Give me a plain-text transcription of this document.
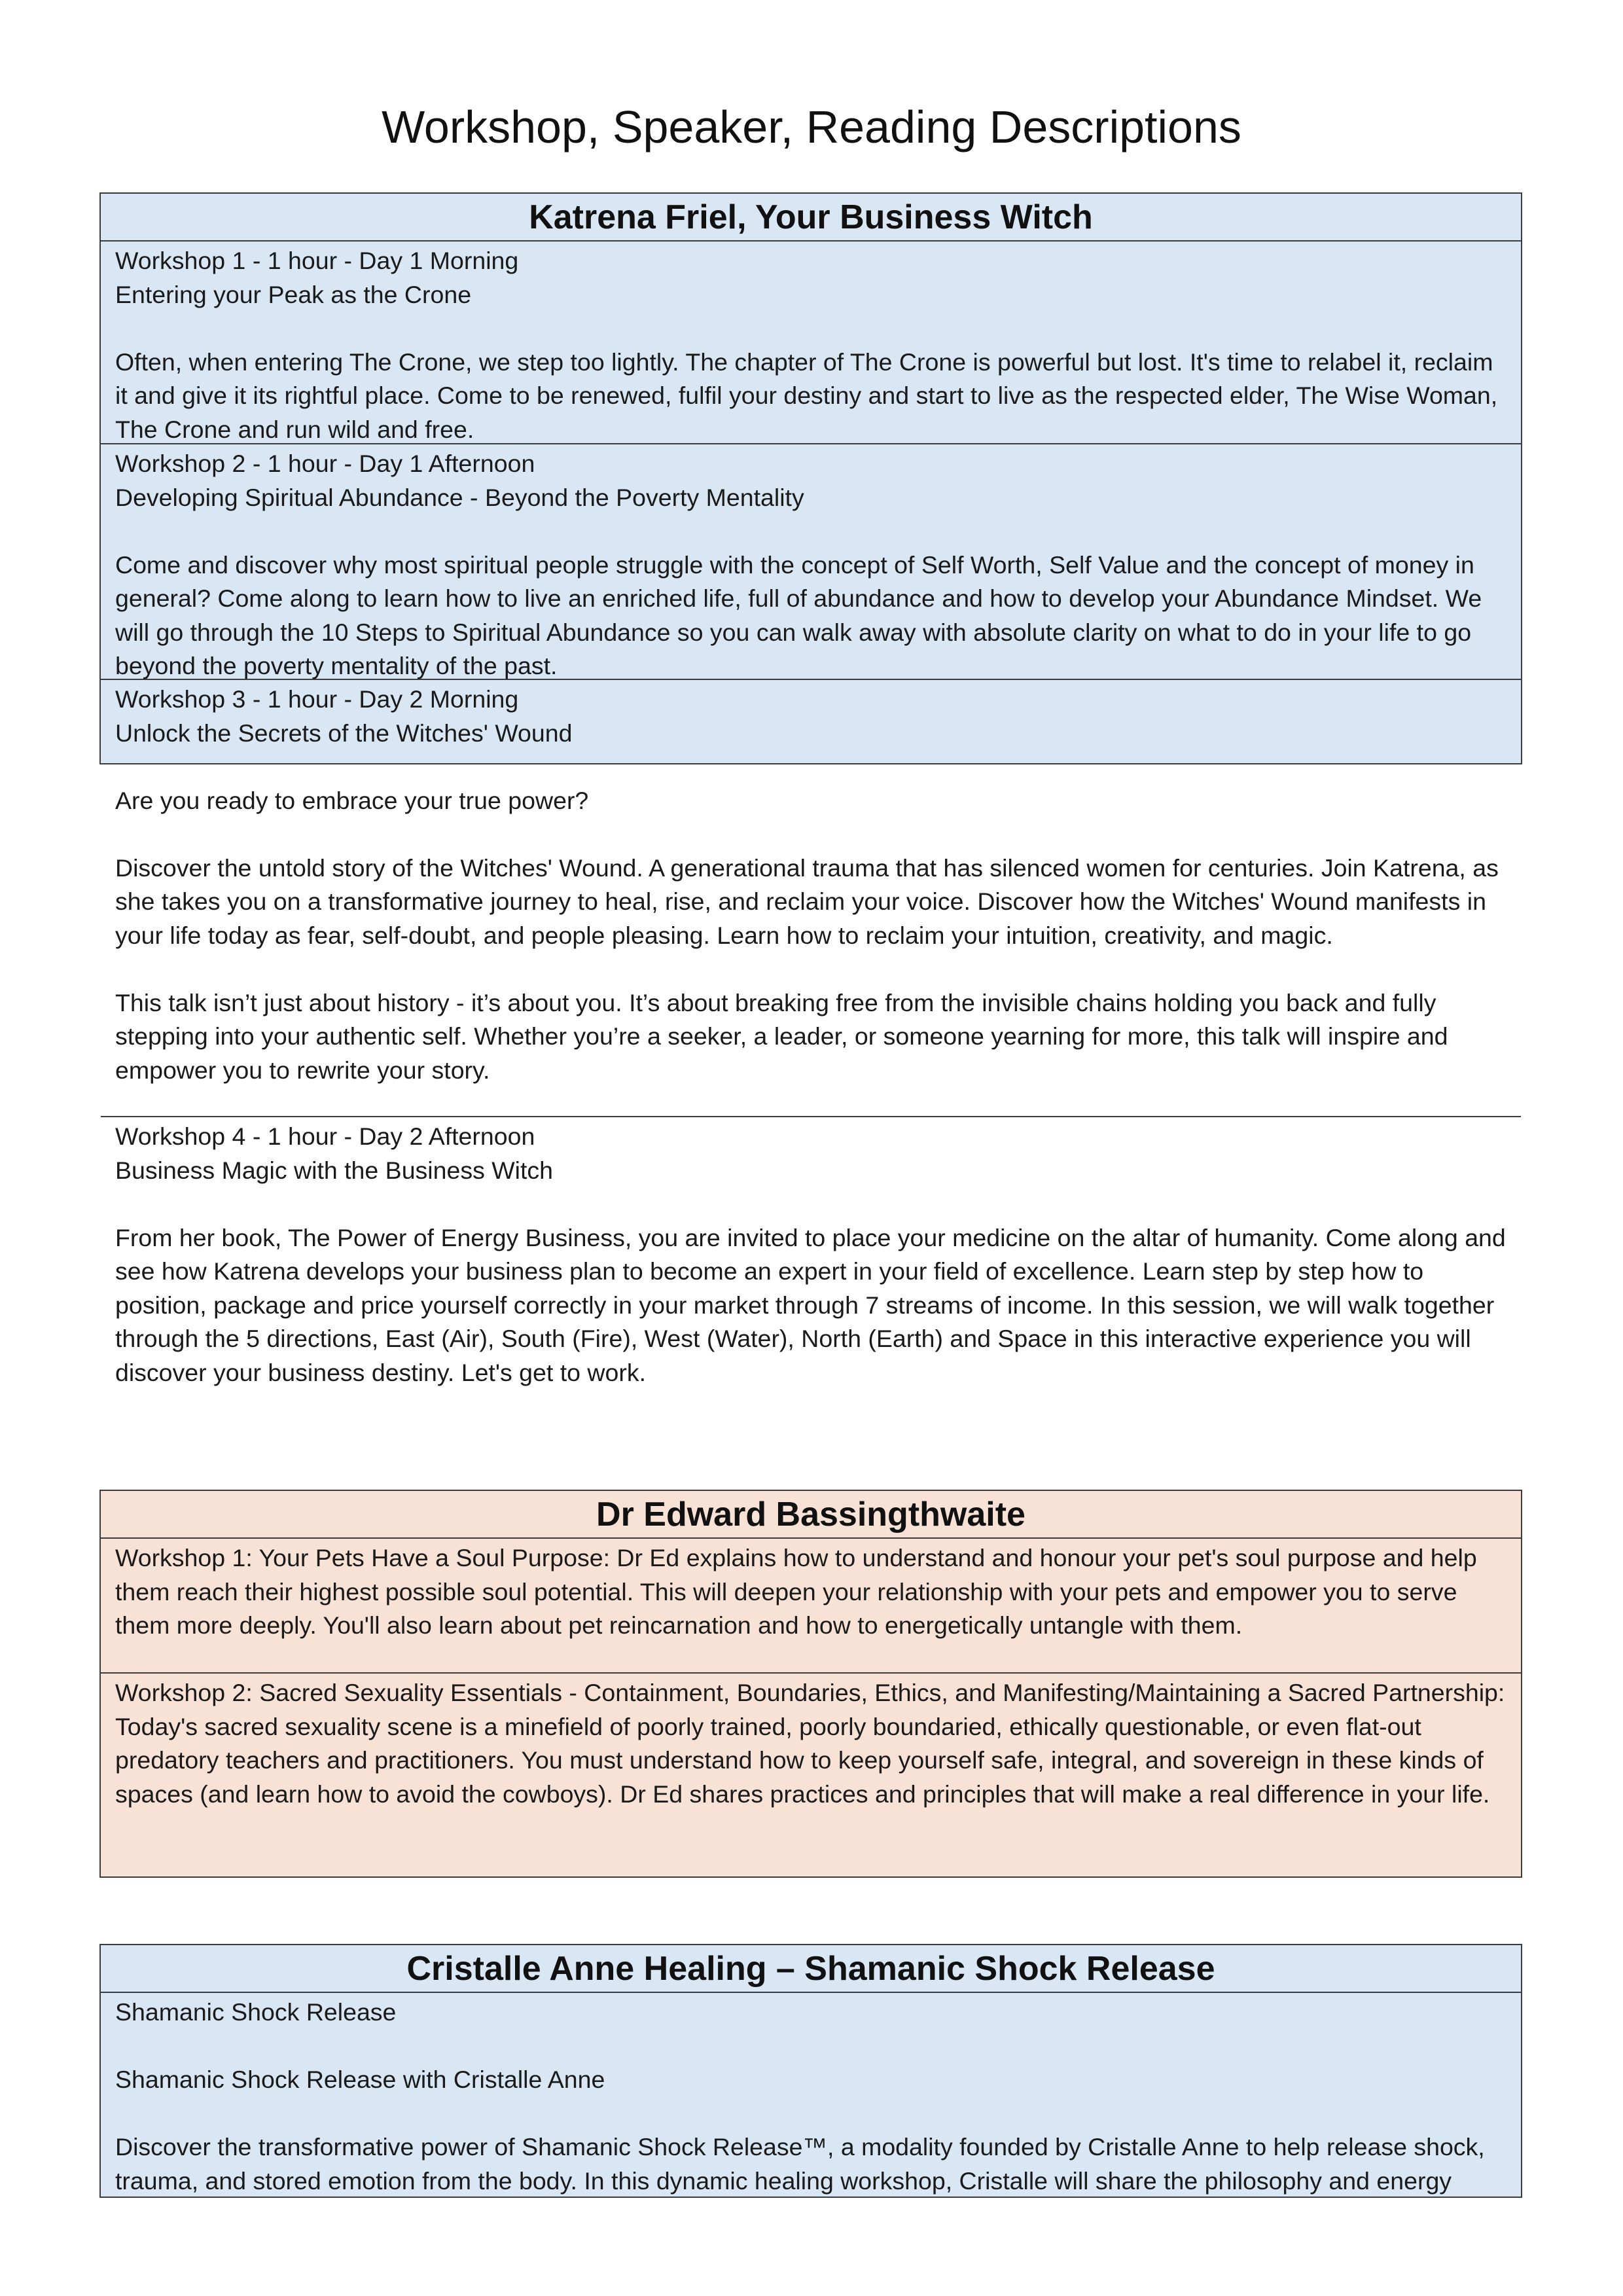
Workshop, Speaker, Reading Descriptions
Katrena Friel, Your Business Witch

Workshop 1 - 1 hour - Day 1 Morning

Entering your Peak as the Crone

Often, when entering The Crone, we step too lightly. The chapter of The Crone is powerful but lost. It's time to relabel it, reclaim it and give it its rightful place. Come to be renewed, fulfil your destiny and start to live as the respected elder, The Wise Woman, The Crone and run wild and free.

Workshop 2 - 1 hour - Day 1 Afternoon

Developing Spiritual Abundance - Beyond the Poverty Mentality

Come and discover why most spiritual people struggle with the concept of Self Worth, Self Value and the concept of money in general? Come along to learn how to live an enriched life, full of abundance and how to develop your Abundance Mindset. We will go through the 10 Steps to Spiritual Abundance so you can walk away with absolute clarity on what to do in your life to go beyond the poverty mentality of the past.

Workshop 3 - 1 hour - Day 2 Morning

Unlock the Secrets of the Witches' Wound

Are you ready to embrace your true power?

Discover the untold story of the Witches' Wound. A generational trauma that has silenced women for centuries. Join Katrena, as she takes you on a transformative journey to heal, rise, and reclaim your voice. Discover how the Witches' Wound manifests in your life today as fear, self-doubt, and people pleasing. Learn how to reclaim your intuition, creativity, and magic.

This talk isn’t just about history - it’s about you. It’s about breaking free from the invisible chains holding you back and fully stepping into your authentic self. Whether you’re a seeker, a leader, or someone yearning for more, this talk will inspire and empower you to rewrite your story.

Workshop 4 - 1 hour - Day 2 Afternoon

Business Magic with the Business Witch

From her book, The Power of Energy Business, you are invited to place your medicine on the altar of humanity. Come along and see how Katrena develops your business plan to become an expert in your field of excellence. Learn step by step how to position, package and price yourself correctly in your market through 7 streams of income. In this session, we will walk together through the 5 directions, East (Air), South (Fire), West (Water), North (Earth) and Space in this interactive experience you will discover your business destiny. Let's get to work.

Dr Edward Bassingthwaite

Workshop 1: Your Pets Have a Soul Purpose: Dr Ed explains how to understand and honour your pet's soul purpose and help them reach their highest possible soul potential. This will deepen your relationship with your pets and empower you to serve them more deeply. You'll also learn about pet reincarnation and how to energetically untangle with them.

Workshop 2: Sacred Sexuality Essentials - Containment, Boundaries, Ethics, and Manifesting/Maintaining a Sacred Partnership: Today's sacred sexuality scene is a minefield of poorly trained, poorly boundaried, ethically questionable, or even flat-out predatory teachers and practitioners. You must understand how to keep yourself safe, integral, and sovereign in these kinds of spaces (and learn how to avoid the cowboys). Dr Ed shares practices and principles that will make a real difference in your life.

Cristalle Anne Healing – Shamanic Shock Release

Shamanic Shock Release

Shamanic Shock Release with Cristalle Anne

Discover the transformative power of Shamanic Shock Release™, a modality founded by Cristalle Anne to help release shock, trauma, and stored emotion from the body. In this dynamic healing workshop, Cristalle will share the philosophy and energy
